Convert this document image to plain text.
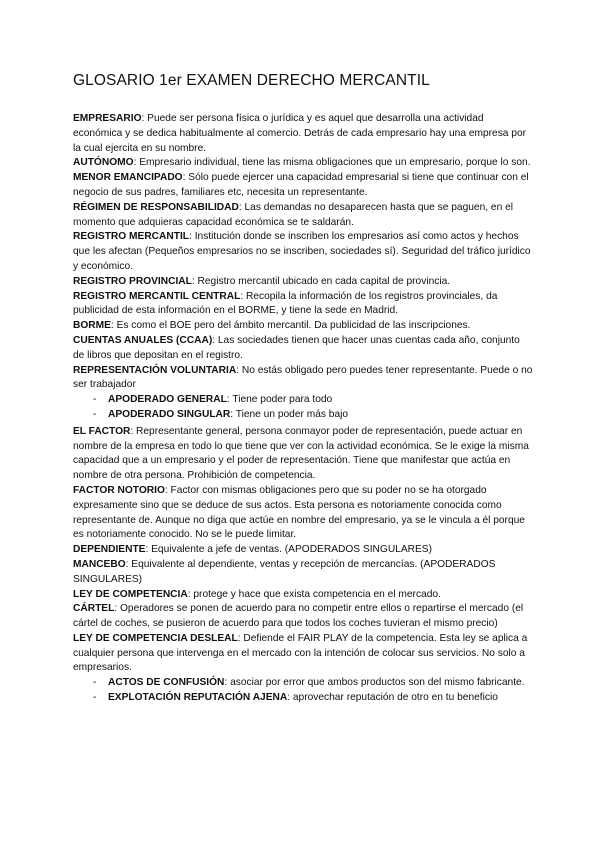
GLOSARIO 1er EXAMEN DERECHO MERCANTIL

EMPRESARIO: Puede ser persona física o jurídica y es aquel que desarrolla una actividad económica y se dedica habitualmente al comercio. Detrás de cada empresario hay una empresa por la cual ejercita en su nombre.

AUTÓNOMO: Empresario individual, tiene las misma obligaciones que un empresario, porque lo son.

MENOR EMANCIPADO: Sólo puede ejercer una capacidad empresarial si tiene que continuar con el negocio de sus padres, familiares etc, necesita un representante.

RÉGIMEN DE RESPONSABILIDAD: Las demandas no desaparecen hasta que se paguen, en el momento que adquieras capacidad económica se te saldarán.

REGISTRO MERCANTIL: Institución donde se inscriben los empresarios así como actos y hechos que les afectan (Pequeños empresarios no se inscriben, sociedades sí). Seguridad del tráfico jurídico y económico.

REGISTRO PROVINCIAL: Registro mercantil ubicado en cada capital de provincia.

REGISTRO MERCANTIL CENTRAL: Recopila la información de los registros provinciales, da publicidad de esta información en el BORME, y tiene la sede en Madrid.

BORME: Es como el BOE pero del ámbito mercantil. Da publicidad de las inscripciones.

CUENTAS ANUALES (CCAA): Las sociedades tienen que hacer unas cuentas cada año, conjunto de libros que depositan en el registro.

REPRESENTACIÓN VOLUNTARIA: No estás obligado pero puedes tener representante. Puede o no ser trabajador

- APODERADO GENERAL: Tiene poder para todo
- APODERADO SINGULAR: Tiene un poder más bajo

EL FACTOR: Representante general, persona conmayor poder de representación, puede actuar en nombre de la empresa en todo lo que tiene que ver con la actividad económica. Se le exige la misma capacidad que a un empresario y el poder de representación. Tiene que manifestar que actúa en nombre de otra persona. Prohibición de competencia.

FACTOR NOTORIO: Factor con mismas obligaciones pero que su poder no se ha otorgado expresamente sino que se deduce de sus actos. Esta persona es notoriamente conocida como representante de. Aunque no diga que actúe en nombre del empresario, ya se le vincula a él porque es notoriamente conocido. No se le puede limitar.

DEPENDIENTE: Equivalente a jefe de ventas. (APODERADOS SINGULARES)

MANCEBO: Equivalente al dependiente, ventas y recepción de mercancías. (APODERADOS SINGULARES)

LEY DE COMPETENCIA: protege y hace que exista competencia en el mercado.

CÁRTEL: Operadores se ponen de acuerdo para no competir entre ellos o repartirse el mercado (el cártel de coches, se pusieron de acuerdo para que todos los coches tuvieran el mismo precio)

LEY DE COMPETENCIA DESLEAL: Defiende el FAIR PLAY de la competencia. Esta ley se aplica a cualquier persona que intervenga en el mercado con la intención de colocar sus servicios. No solo a empresarios.

- ACTOS DE CONFUSIÓN: asociar por error que ambos productos son del mismo fabricante.
- EXPLOTACIÓN REPUTACIÓN AJENA: aprovechar reputación de otro en tu beneficio
